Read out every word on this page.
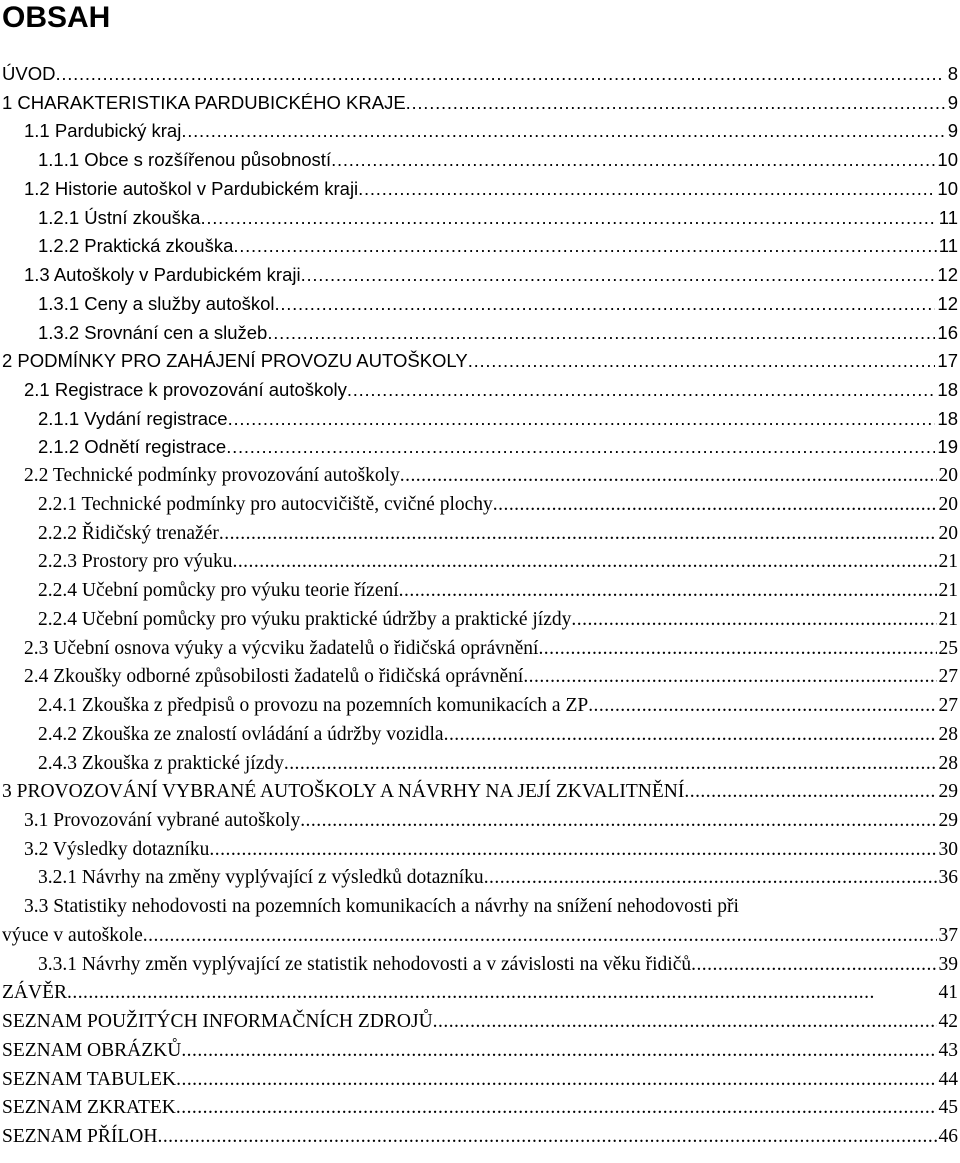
OBSAH
ÚVOD . . .	8
1 CHARAKTERISTIKA PARDUBICKÉHO KRAJE . . .	9
1.1 Pardubický kraj . . .	9
1.1.1 Obce s rozšířenou působností . . .	10
1.2 Historie autoškol v Pardubickém kraji . . .	10
1.2.1 Ústní zkouška . . .	11
1.2.2 Praktická zkouška . . .	11
1.3 Autoškoly v Pardubickém kraji . . .	12
1.3.1 Ceny a služby autoškol . . .	12
1.3.2 Srovnání cen a služeb . . .	16
2 PODMÍNKY PRO ZAHÁJENÍ PROVOZU AUTOŠKOLY . . .	17
2.1 Registrace k provozování autoškoly . . .	18
2.1.1 Vydání registrace . . .	18
2.1.2 Odnětí registrace . . .	19
2.2 Technické podmínky provozování autoškoly . . .	20
2.2.1 Technické podmínky pro autocvičiště, cvičné plochy . . .	20
2.2.2 Řidičský trenažér . . .	20
2.2.3 Prostory pro výuku . . .	21
2.2.4 Učební pomůcky pro výuku teorie řízení . . .	21
2.2.4 Učební pomůcky pro výuku praktické údržby a praktické jízdy . . .	21
2.3 Učební osnova výuky a výcviku žadatelů o řidičská oprávnění . . .	25
2.4 Zkoušky odborné způsobilosti žadatelů o řidičská oprávnění . . .	27
2.4.1 Zkouška z předpisů o provozu na pozemních komunikacích a ZP . . .	27
2.4.2 Zkouška ze znalostí ovládání a údržby vozidla . . .	28
2.4.3 Zkouška z praktické jízdy . . .	28
3 PROVOZOVÁNÍ VYBRANÉ AUTOŠKOLY A NÁVRHY NA JEJÍ ZKVALITNĚNÍ . . .	29
3.1 Provozování vybrané autoškoly . . .	29
3.2 Výsledky dotazníku . . .	30
3.2.1 Návrhy na změny vyplývající z výsledků dotazníku . . .	36
3.3 Statistiky nehodovosti na pozemních komunikacích a návrhy na snížení nehodovosti při
výuce v autoškole . . .	37
3.3.1 Návrhy změn vyplývající ze statistik nehodovosti a v závislosti na věku řidičů . . .	39
ZÁVĚR . . .	41
SEZNAM POUŽITÝCH INFORMAČNÍCH ZDROJŮ . . .	42
SEZNAM OBRÁZKŮ . . .	43
SEZNAM TABULEK . . .	44
SEZNAM ZKRATEK . . .	45
SEZNAM PŘÍLOH . . .	46
